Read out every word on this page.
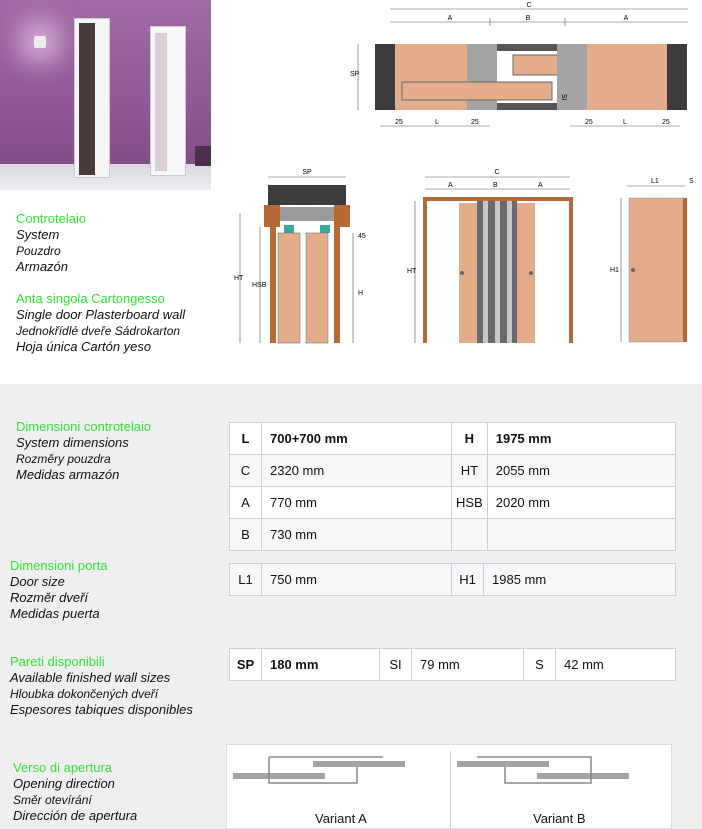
C
A	B	A
SP
SI
25	L	25	25	L	25
SP
45
HT
HSB
H
C
A	B	A
HT
L1	S
H1
Controtelaio
System
Pouzdro
Armazón
Anta singola Cartongesso
Single door Plasterboard wall
Jednokřídlé dveře Sádrokarton
Hoja única Cartón yeso
Dimensioni controtelaio
System dimensions
Rozměry pouzdra
Medidas armazón
L	700+700 mm	H	1975 mm
C	2320 mm	HT	2055 mm
A	770 mm	HSB	2020 mm
B	730 mm		
Dimensioni porta
Door size
Rozměr dveří
Medidas puerta
L1	750 mm	H1	1985 mm
Pareti disponibili
Available finished wall sizes
Hloubka dokončených dveří
Espesores tabiques disponibles
SP	180 mm	SI	79 mm	S	42 mm
Verso di apertura
Opening direction
Směr otevírání
Dirección de apertura	Variant A	Variant B
